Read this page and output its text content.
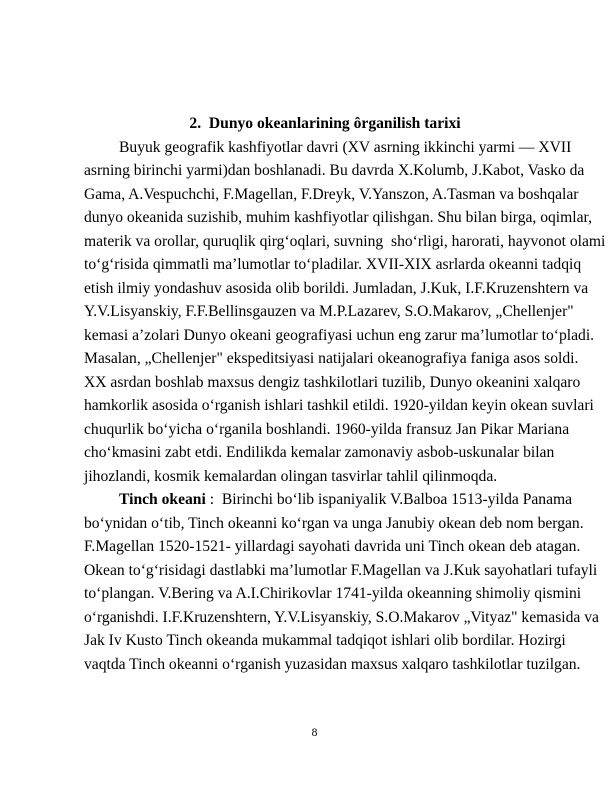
2.  Dunyo okeanlarining ôrganilish tarixi
Buyuk geografik kashfiyotlar davri (XV asrning ikkinchi yarmi — XVII
asrning birinchi yarmi)dan boshlanadi. Bu davrda X.Kolumb, J.Kabot, Vasko da
Gama, A.Vespuchchi, F.Magellan, F.Dreyk, V.Yanszon, A.Tasman va boshqalar
dunyo okeanida suzishib, muhim kashfiyotlar qilishgan. Shu bilan birga, oqimlar,
materik va orollar, quruqlik qirg‘oqlari, suvning  sho‘rligi, harorati, hayvonot olami
to‘g‘risida qimmatli ma’lumotlar to‘pladilar. XVII-XIX asrlarda okeanni tadqiq
etish ilmiy yondashuv asosida olib borildi. Jumladan, J.Kuk, I.F.Kruzenshtern va
Y.V.Lisyanskiy, F.F.Bellinsgauzen va M.P.Lazarev, S.O.Makarov, „Chellenjer"
kemasi a’zolari Dunyo okeani geografiyasi uchun eng zarur ma’lumotlar to‘pladi.
Masalan, „Chellenjer" ekspeditsiyasi natijalari okeanografiya faniga asos soldi.
XX asrdan boshlab maxsus dengiz tashkilotlari tuzilib, Dunyo okeanini xalqaro
hamkorlik asosida o‘rganish ishlari tashkil etildi. 1920-yildan keyin okean suvlari
chuqurlik bo‘yicha o‘rganila boshlandi. 1960-yilda fransuz Jan Pikar Mariana
cho‘kmasini zabt etdi. Endilikda kemalar zamonaviy asbob-uskunalar bilan
jihozlandi, kosmik kemalardan olingan tasvirlar tahlil qilinmoqda.
Tinch okeani :  Birinchi bo‘lib ispaniyalik V.Balboa 1513-yilda Panama
bo‘ynidan o‘tib, Tinch okeanni ko‘rgan va unga Janubiy okean deb nom bergan.
F.Magellan 1520-1521- yillardagi sayohati davrida uni Tinch okean deb atagan.
Okean to‘g‘risidagi dastlabki ma’lumotlar F.Magellan va J.Kuk sayohatlari tufayli
to‘plangan. V.Bering va A.I.Chirikovlar 1741-yilda okeanning shimoliy qismini
o‘rganishdi. I.F.Kruzenshtern, Y.V.Lisyanskiy, S.O.Makarov „Vityaz" kemasida va
Jak Iv Kusto Tinch okeanda mukammal tadqiqot ishlari olib bordilar. Hozirgi
vaqtda Tinch okeanni o‘rganish yuzasidan maxsus xalqaro tashkilotlar tuzilgan.
8
